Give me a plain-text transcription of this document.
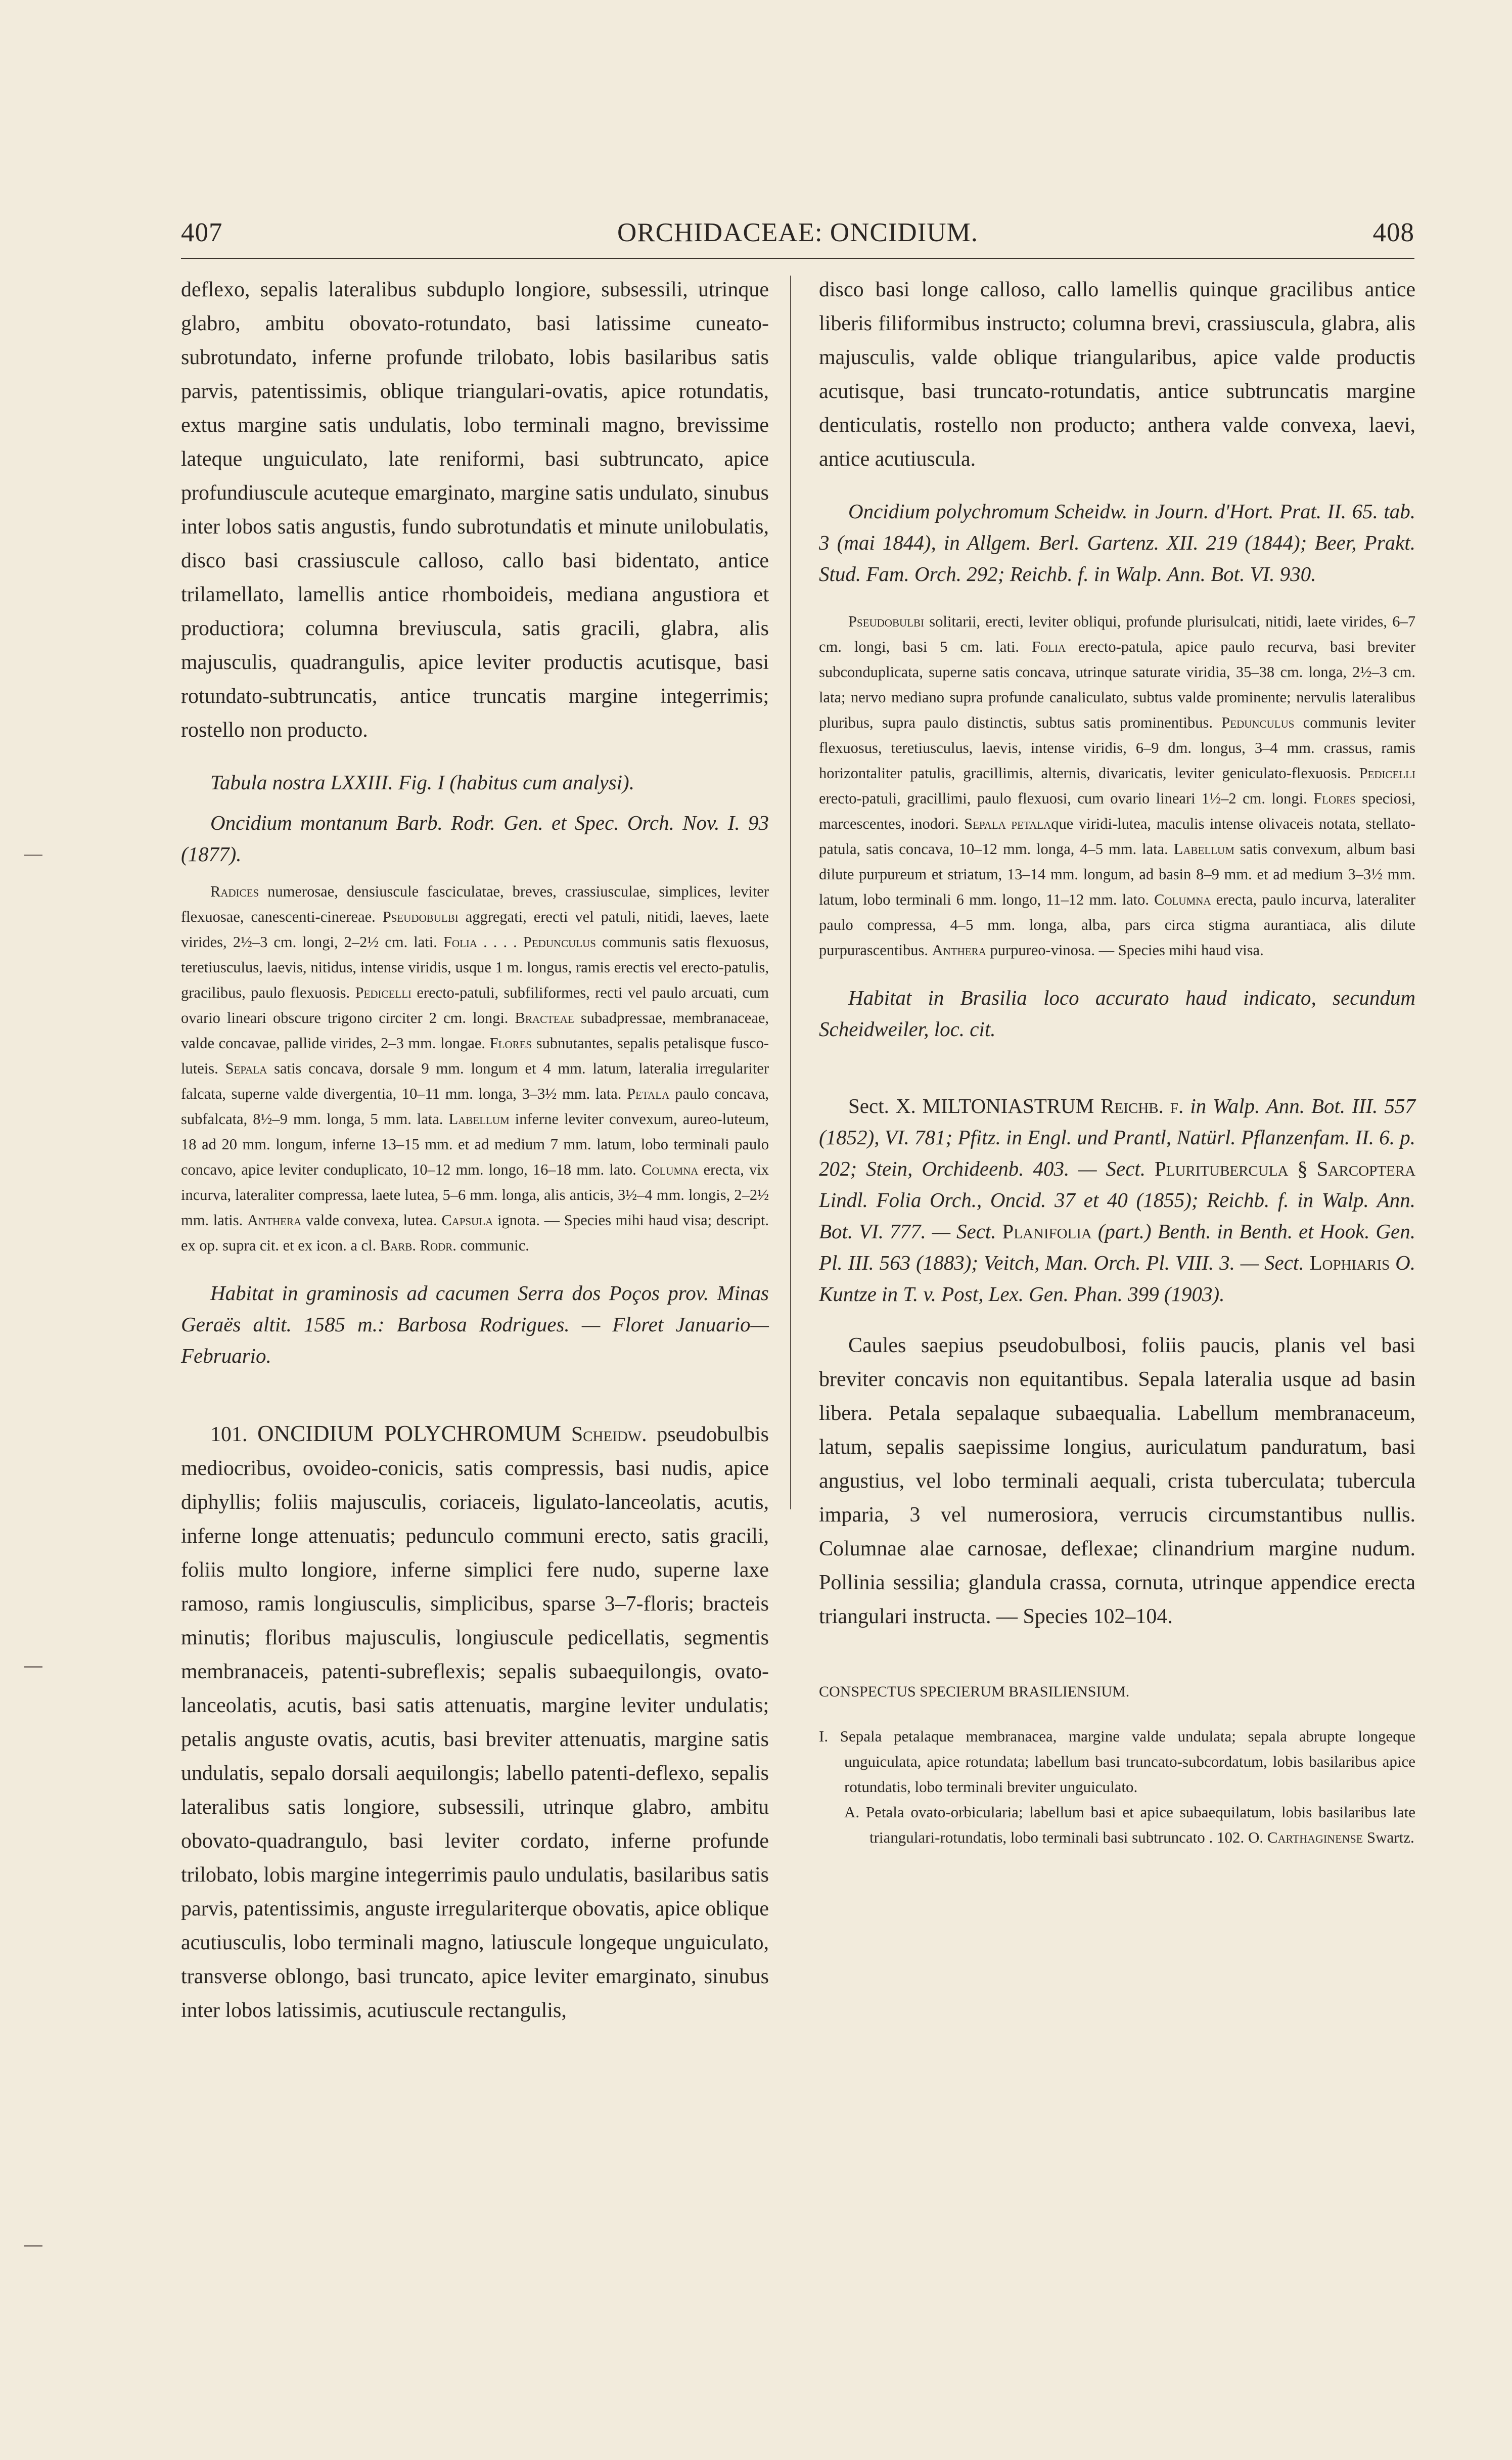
407	ORCHIDACEAE: ONCIDIUM.	408

deflexo, sepalis lateralibus subduplo longiore, subsessili, utrinque glabro, ambitu obovato-rotundato, basi latissime cuneato-subrotundato, inferne profunde trilobato, lobis basilaribus satis parvis, patentissimis, oblique triangulari-ovatis, apice rotundatis, extus margine satis undulatis, lobo terminali magno, brevissime lateque unguiculato, late reniformi, basi subtruncato, apice profundiuscule acuteque emarginato, margine satis undulato, sinubus inter lobos satis angustis, fundo subrotundatis et minute unilobulatis, disco basi crassiuscule calloso, callo basi bidentato, antice trilamellato, lamellis antice rhomboideis, mediana angustiora et productiora; columna breviuscula, satis gracili, glabra, alis majusculis, quadrangulis, apice leviter productis acutisque, basi rotundato-subtruncatis, antice truncatis margine integerrimis; rostello non producto.

Tabula nostra LXXIII. Fig. I (habitus cum analysi).

Oncidium montanum Barb. Rodr. Gen. et Spec. Orch. Nov. I. 93 (1877).

Radices numerosae, densiuscule fasciculatae, breves, crassiusculae, simplices, leviter flexuosae, canescenti-cinereae. Pseudobulbi aggregati, erecti vel patuli, nitidi, laeves, laete virides, 2½–3 cm. longi, 2–2½ cm. lati. Folia . . . . Pedunculus communis satis flexuosus, teretiusculus, laevis, nitidus, intense viridis, usque 1 m. longus, ramis erectis vel erecto-patulis, gracilibus, paulo flexuosis. Pedicelli erecto-patuli, subfiliformes, recti vel paulo arcuati, cum ovario lineari obscure trigono circiter 2 cm. longi. Bracteae subadpressae, membranaceae, valde concavae, pallide virides, 2–3 mm. longae. Flores subnutantes, sepalis petalisque fusco-luteis. Sepala satis concava, dorsale 9 mm. longum et 4 mm. latum, lateralia irregulariter falcata, superne valde divergentia, 10–11 mm. longa, 3–3½ mm. lata. Petala paulo concava, subfalcata, 8½–9 mm. longa, 5 mm. lata. Labellum inferne leviter convexum, aureo-luteum, 18 ad 20 mm. longum, inferne 13–15 mm. et ad medium 7 mm. latum, lobo terminali paulo concavo, apice leviter conduplicato, 10–12 mm. longo, 16–18 mm. lato. Columna erecta, vix incurva, lateraliter compressa, laete lutea, 5–6 mm. longa, alis anticis, 3½–4 mm. longis, 2–2½ mm. latis. Anthera valde convexa, lutea. Capsula ignota. — Species mihi haud visa; descript. ex op. supra cit. et ex icon. a cl. Barb. Rodr. communic.

Habitat in graminosis ad cacumen Serra dos Poços prov. Minas Geraës altit. 1585 m.: Barbosa Rodrigues. — Floret Januario—Februario.

101. ONCIDIUM POLYCHROMUM Scheidw. pseudobulbis mediocribus, ovoideo-conicis, satis compressis, basi nudis, apice diphyllis; foliis majusculis, coriaceis, ligulato-lanceolatis, acutis, inferne longe attenuatis; pedunculo communi erecto, satis gracili, foliis multo longiore, inferne simplici fere nudo, superne laxe ramoso, ramis longiusculis, simplicibus, sparse 3–7-floris; bracteis minutis; floribus majusculis, longiuscule pedicellatis, segmentis membranaceis, patenti-subreflexis; sepalis subaequilongis, ovato-lanceolatis, acutis, basi satis attenuatis, margine leviter undulatis; petalis anguste ovatis, acutis, basi breviter attenuatis, margine satis undulatis, sepalo dorsali aequilongis; labello patenti-deflexo, sepalis lateralibus satis longiore, subsessili, utrinque glabro, ambitu obovato-quadrangulo, basi leviter cordato, inferne profunde trilobato, lobis margine integerrimis paulo undulatis, basilaribus satis parvis, patentissimis, anguste irregulariterque obovatis, apice oblique acutiusculis, lobo terminali magno, latiuscule longeque unguiculato, transverse oblongo, basi truncato, apice leviter emarginato, sinubus inter lobos latissimis, acutiuscule rectangulis,

disco basi longe calloso, callo lamellis quinque gracilibus antice liberis filiformibus instructo; columna brevi, crassiuscula, glabra, alis majusculis, valde oblique triangularibus, apice valde productis acutisque, basi truncato-rotundatis, antice subtruncatis margine denticulatis, rostello non producto; anthera valde convexa, laevi, antice acutiuscula.

Oncidium polychromum Scheidw. in Journ. d'Hort. Prat. II. 65. tab. 3 (mai 1844), in Allgem. Berl. Gartenz. XII. 219 (1844); Beer, Prakt. Stud. Fam. Orch. 292; Reichb. f. in Walp. Ann. Bot. VI. 930.

Pseudobulbi solitarii, erecti, leviter obliqui, profunde plurisulcati, nitidi, laete virides, 6–7 cm. longi, basi 5 cm. lati. Folia erecto-patula, apice paulo recurva, basi breviter subconduplicata, superne satis concava, utrinque saturate viridia, 35–38 cm. longa, 2½–3 cm. lata; nervo mediano supra profunde canaliculato, subtus valde prominente; nervulis lateralibus pluribus, supra paulo distinctis, subtus satis prominentibus. Pedunculus communis leviter flexuosus, teretiusculus, laevis, intense viridis, 6–9 dm. longus, 3–4 mm. crassus, ramis horizontaliter patulis, gracillimis, alternis, divaricatis, leviter geniculato-flexuosis. Pedicelli erecto-patuli, gracillimi, paulo flexuosi, cum ovario lineari 1½–2 cm. longi. Flores speciosi, marcescentes, inodori. Sepala petalaque viridi-lutea, maculis intense olivaceis notata, stellato-patula, satis concava, 10–12 mm. longa, 4–5 mm. lata. Labellum satis convexum, album basi dilute purpureum et striatum, 13–14 mm. longum, ad basin 8–9 mm. et ad medium 3–3½ mm. latum, lobo terminali 6 mm. longo, 11–12 mm. lato. Columna erecta, paulo incurva, lateraliter paulo compressa, 4–5 mm. longa, alba, pars circa stigma aurantiaca, alis dilute purpurascentibus. Anthera purpureo-vinosa. — Species mihi haud visa.

Habitat in Brasilia loco accurato haud indicato, secundum Scheidweiler, loc. cit.

Sect. X. MILTONIASTRUM Reichb. f. in Walp. Ann. Bot. III. 557 (1852), VI. 781; Pfitz. in Engl. und Prantl, Natürl. Pflanzenfam. II. 6. p. 202; Stein, Orchideenb. 403. — Sect. Pluritubercula § Sarcoptera Lindl. Folia Orch., Oncid. 37 et 40 (1855); Reichb. f. in Walp. Ann. Bot. VI. 777. — Sect. Planifolia (part.) Benth. in Benth. et Hook. Gen. Pl. III. 563 (1883); Veitch, Man. Orch. Pl. VIII. 3. — Sect. Lophiaris O. Kuntze in T. v. Post, Lex. Gen. Phan. 399 (1903).

Caules saepius pseudobulbosi, foliis paucis, planis vel basi breviter concavis non equitantibus. Sepala lateralia usque ad basin libera. Petala sepalaque subaequalia. Labellum membranaceum, latum, sepalis saepissime longius, auriculatum panduratum, basi angustius, vel lobo terminali aequali, crista tuberculata; tubercula imparia, 3 vel numerosiora, verrucis circumstantibus nullis. Columnae alae carnosae, deflexae; clinandrium margine nudum. Pollinia sessilia; glandula crassa, cornuta, utrinque appendice erecta triangulari instructa. — Species 102–104.

CONSPECTUS SPECIERUM BRASILIENSIUM.

I. Sepala petalaque membranacea, margine valde undulata; sepala abrupte longeque unguiculata, apice rotundata; labellum basi truncato-subcordatum, lobis basilaribus apice rotundatis, lobo terminali breviter unguiculato.

A. Petala ovato-orbicularia; labellum basi et apice subaequilatum, lobis basilaribus late triangulari-rotundatis, lobo terminali basi subtruncato . 102. O. Carthaginense Swartz.
